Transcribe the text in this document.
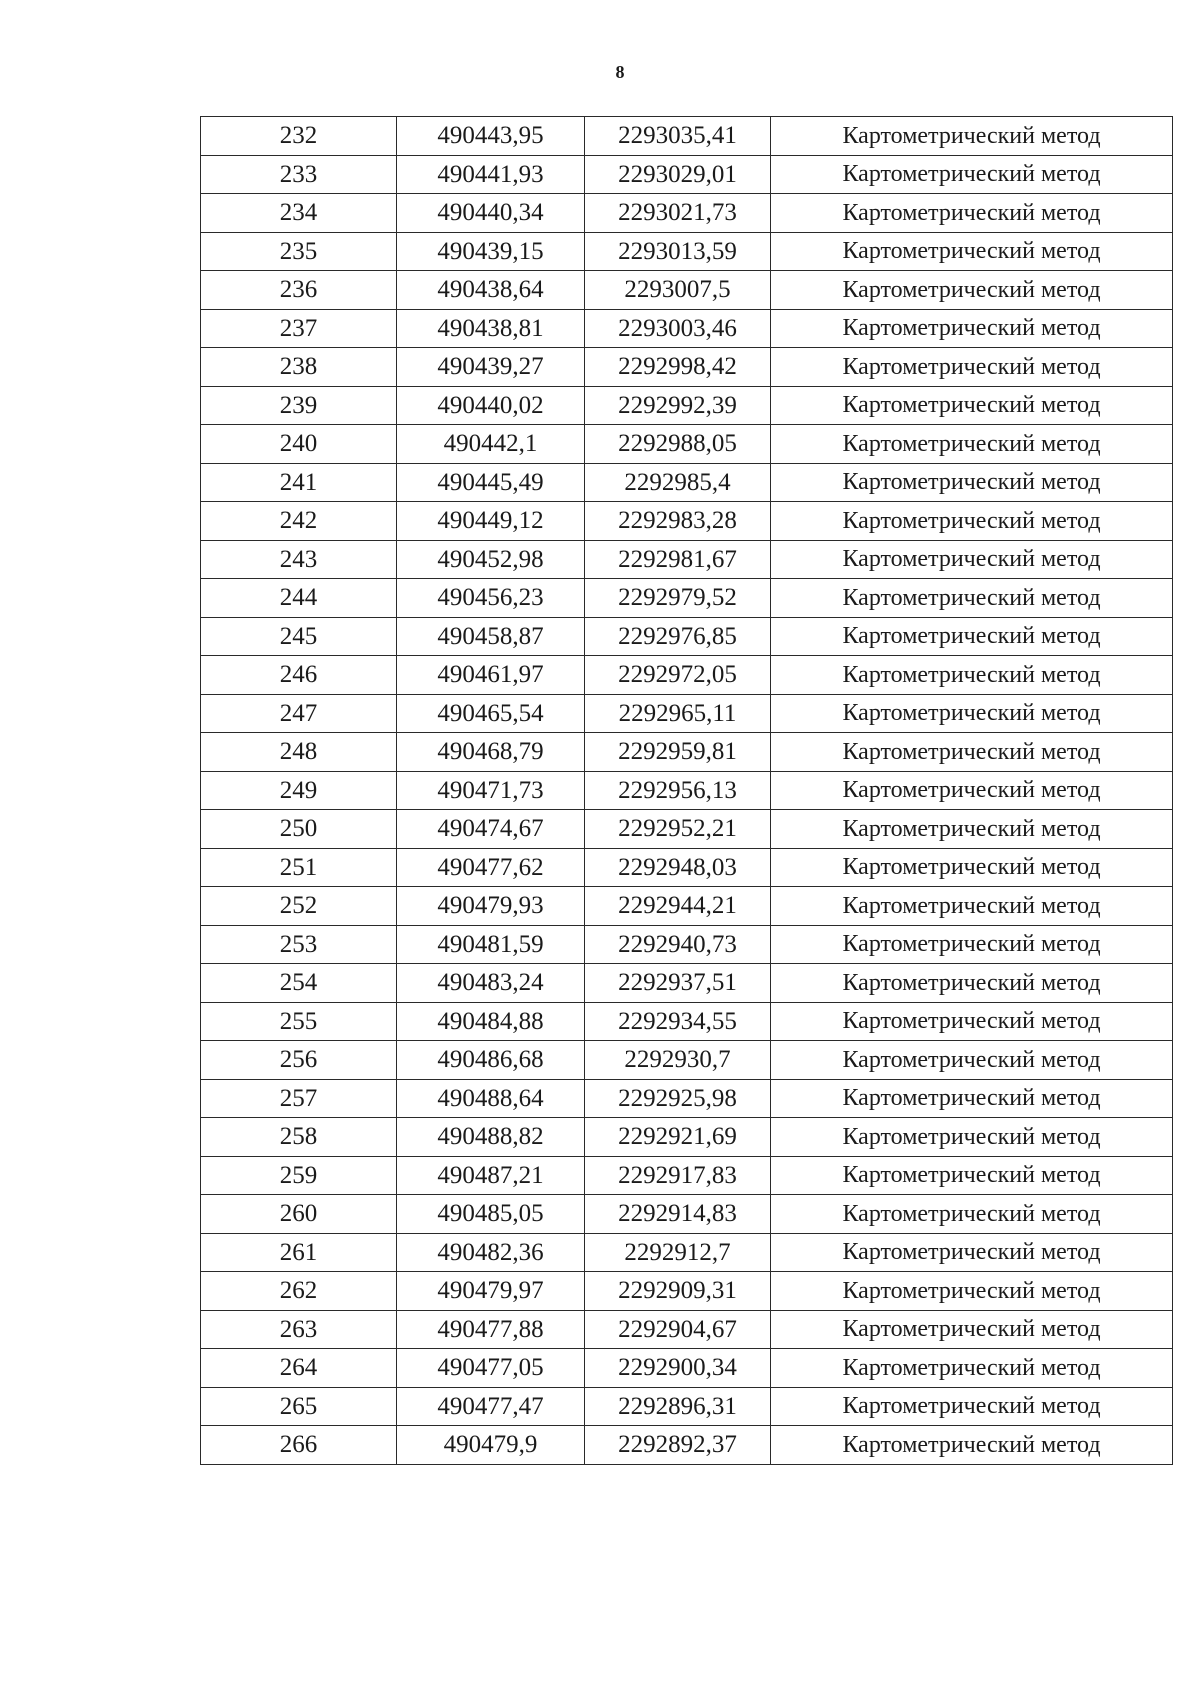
8
232	490443,95	2293035,41	Картометрический метод
233	490441,93	2293029,01	Картометрический метод
234	490440,34	2293021,73	Картометрический метод
235	490439,15	2293013,59	Картометрический метод
236	490438,64	2293007,5	Картометрический метод
237	490438,81	2293003,46	Картометрический метод
238	490439,27	2292998,42	Картометрический метод
239	490440,02	2292992,39	Картометрический метод
240	490442,1	2292988,05	Картометрический метод
241	490445,49	2292985,4	Картометрический метод
242	490449,12	2292983,28	Картометрический метод
243	490452,98	2292981,67	Картометрический метод
244	490456,23	2292979,52	Картометрический метод
245	490458,87	2292976,85	Картометрический метод
246	490461,97	2292972,05	Картометрический метод
247	490465,54	2292965,11	Картометрический метод
248	490468,79	2292959,81	Картометрический метод
249	490471,73	2292956,13	Картометрический метод
250	490474,67	2292952,21	Картометрический метод
251	490477,62	2292948,03	Картометрический метод
252	490479,93	2292944,21	Картометрический метод
253	490481,59	2292940,73	Картометрический метод
254	490483,24	2292937,51	Картометрический метод
255	490484,88	2292934,55	Картометрический метод
256	490486,68	2292930,7	Картометрический метод
257	490488,64	2292925,98	Картометрический метод
258	490488,82	2292921,69	Картометрический метод
259	490487,21	2292917,83	Картометрический метод
260	490485,05	2292914,83	Картометрический метод
261	490482,36	2292912,7	Картометрический метод
262	490479,97	2292909,31	Картометрический метод
263	490477,88	2292904,67	Картометрический метод
264	490477,05	2292900,34	Картометрический метод
265	490477,47	2292896,31	Картометрический метод
266	490479,9	2292892,37	Картометрический метод
